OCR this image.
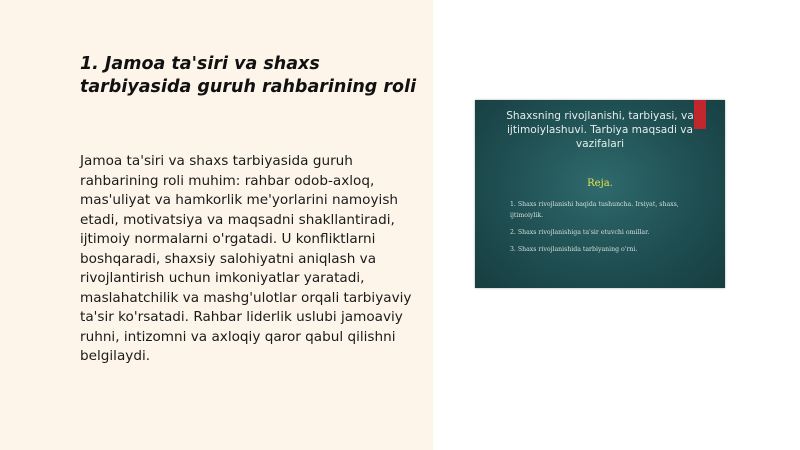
1. Jamoa ta'siri va shaxs tarbiyasida guruh rahbarining roli

Jamoa ta'siri va shaxs tarbiyasida guruh rahbarining roli muhim: rahbar odob-axloq, mas'uliyat va hamkorlik me'yorlarini namoyish etadi, motivatsiya va maqsadni shakllantiradi, ijtimoiy normalarni o'rgatadi. U konfliktlarni boshqaradi, shaxsiy salohiyatni aniqlash va rivojlantirish uchun imkoniyatlar yaratadi, maslahatchilik va mashg'ulotlar orqali tarbiyaviy ta'sir ko'rsatadi. Rahbar liderlik uslubi jamoaviy ruhni, intizomni va axloqiy qaror qabul qilishni belgilaydi.

Shaxsning rivojlanishi, tarbiyasi, va ijtimoiylashuvi. Tarbiya maqsadi va vazifalari
Reja.
1. Shaxs rivojlanishi haqida tushuncha. Irsiyat, shaxs, ijtimoiylik.
2. Shaxs rivojlanishiga ta'sir etuvchi omillar.
3. Shaxs rivojlanishida tarbiyaning o'rni.
